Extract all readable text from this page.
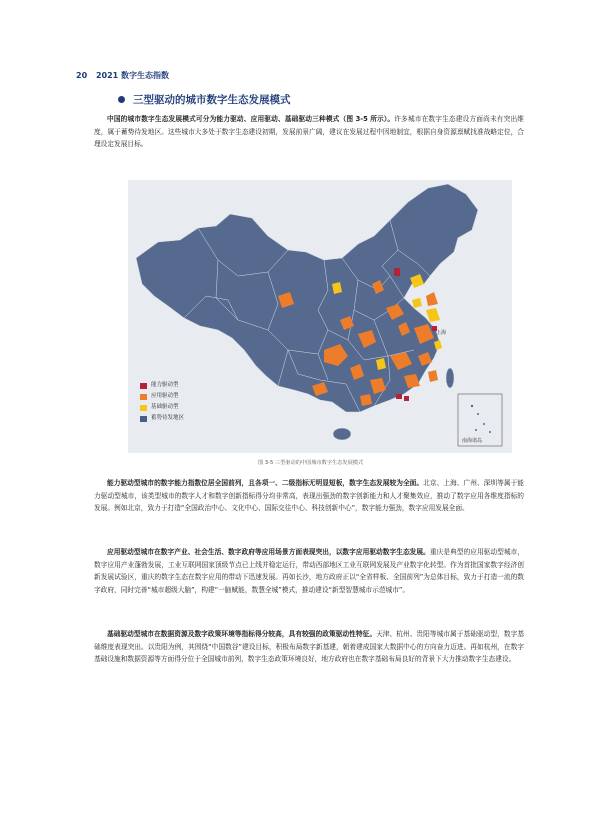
20 2021 数字生态指数
三型驱动的城市数字生态发展模式

中国的城市数字生态发展模式可分为能力驱动、应用驱动、基础驱动三种模式（图 3-5 所示）。许多城市在数字生态建设方面尚未有突出维度，属于蓄势待发地区。这些城市大多处于数字生态建设初期，发展前景广阔，建议在发展过程中因地制宜，根据自身资源禀赋找准战略定位，合理设定发展目标。

上海
能力驱动型
应用驱动型
基础驱动型
蓄势待发地区
南海诸岛
图 3-5 三型驱动的中国城市数字生态发展模式

能力驱动型城市的数字能力指数位居全国前列，且各项一、二级指标无明显短板，数字生态发展较为全面。北京、上海、广州、深圳等属于能力驱动型城市，该类型城市的数字人才和数字创新指标得分均非常高，表现出强劲的数字创新能力和人才聚集效应，推动了数字应用各维度指标的发展。例如北京，致力于打造“全国政治中心、文化中心、国际交往中心、科技创新中心”，数字能力强劲，数字应用发展全面。

应用驱动型城市在数字产业、社会生活、数字政府等应用场景方面表现突出，以数字应用驱动数字生态发展。重庆是典型的应用驱动型城市，数字应用产业蓬勃发展，工业互联网国家顶级节点已上线并稳定运行，带动西部地区工业互联网发展及产业数字化转型。作为首批国家数字经济创新发展试验区，重庆的数字生态在数字应用的带动下迅速发展。再如长沙，地方政府正以“全省样板、全国前列”为总体目标，致力于打造一流的数字政府，同时完善“城市超级大脑”，构建“一脑赋能，数慧全城”模式，推动建设“新型智慧城市示范城市”。

基础驱动型城市在数据资源及数字政策环境等指标得分较高，具有较强的政策驱动性特征。天津、杭州、贵阳等城市属于基础驱动型，数字基础维度表现突出。以贵阳为例，其围绕“中国数谷”建设目标，积极布局数字新基建，朝着建成国家大数据中心的方向奋力迈进。再如杭州，在数字基础设施和数据资源等方面得分位于全国城市前列，数字生态政策环境良好，地方政府也在数字基础布局良好的背景下大力推动数字生态建设。
